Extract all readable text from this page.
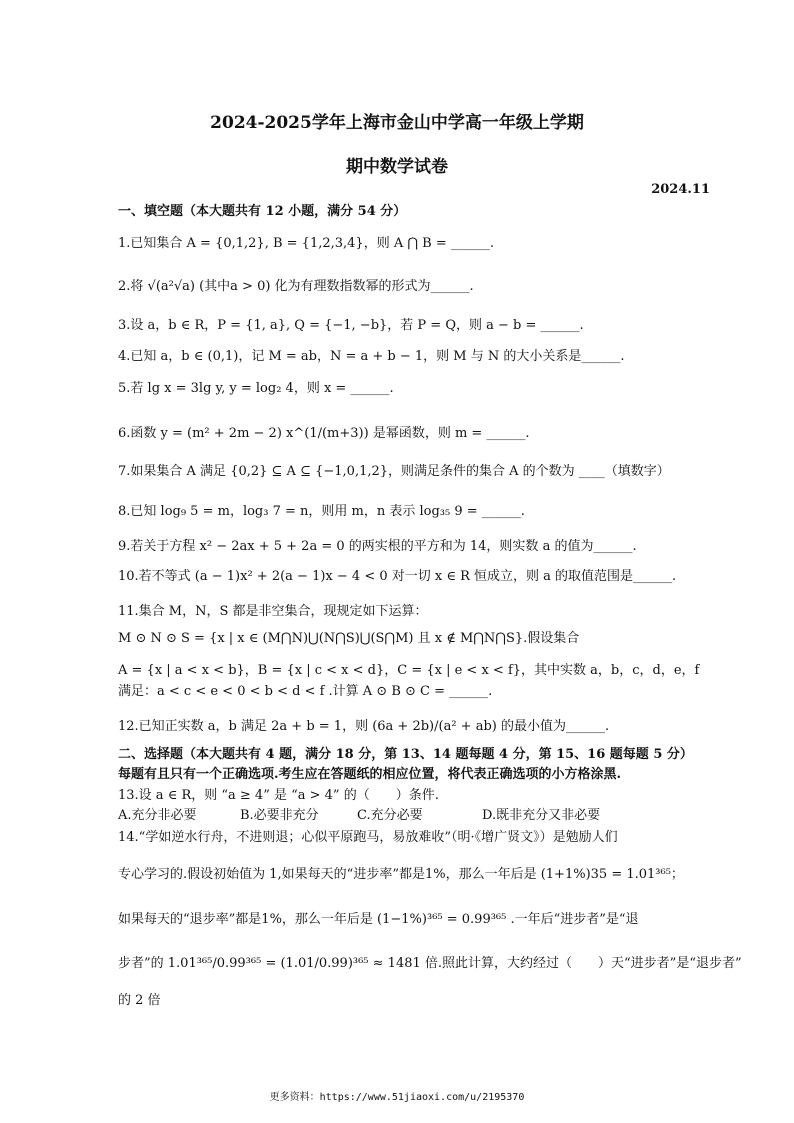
2024-2025学年上海市金山中学高一年级上学期
期中数学试卷
2024.11
一、填空题（本大题共有 12 小题，满分 54 分）
1.已知集合 A = {0,1,2}, B = {1,2,3,4}，则 A ⋂ B = ______.
2.将 √(a²√a) (其中a > 0) 化为有理数指数幂的形式为______.
3.设 a，b ∈ R，P = {1, a}, Q = {−1, −b}，若 P = Q，则 a − b = ______.
4.已知 a，b ∈ (0,1)，记 M = ab，N = a + b − 1，则 M 与 N 的大小关系是______.
5.若 lg x = 3lg y, y = log₂ 4，则 x = ______.
6.函数 y = (m² + 2m − 2) x^(1/(m+3)) 是幂函数，则 m = ______.
7.如果集合 A 满足 {0,2} ⊆ A ⊆ {−1,0,1,2}，则满足条件的集合 A 的个数为 ____（填数字）
8.已知 log₉ 5 = m，log₃ 7 = n，则用 m，n 表示 log₃₅ 9 = ______.
9.若关于方程 x² − 2ax + 5 + 2a = 0 的两实根的平方和为 14，则实数 a 的值为______.
10.若不等式 (a − 1)x² + 2(a − 1)x − 4 < 0 对一切 x ∈ R 恒成立，则 a 的取值范围是______.
11.集合 M，N，S 都是非空集合，现规定如下运算：
M ⊙ N ⊙ S = {x | x ∈ (M⋂N)⋃(N⋂S)⋃(S⋂M) 且 x ∉ M⋂N⋂S}.假设集合
A = {x | a < x < b}，B = {x | c < x < d}，C = {x | e < x < f}，其中实数 a，b，c，d，e，f
满足：a < c < e < 0 < b < d < f .计算 A ⊙ B ⊙ C = ______.
12.已知正实数 a，b 满足 2a + b = 1，则 (6a + 2b)/(a² + ab) 的最小值为______.
二、选择题（本大题共有 4 题，满分 18 分，第 13、14 题每题 4 分，第 15、16 题每题 5 分）
每题有且只有一个正确选项.考生应在答题纸的相应位置，将代表正确选项的小方格涂黑.
13.设 a ∈ R，则 “a ≥ 4” 是 “a > 4” 的（　　）条件.
A.充分非必要	B.必要非充分	C.充分必要	D.既非充分又非必要
14.“学如逆水行舟，不进则退；心似平原跑马，易放难收”（明·《增广贤文》）是勉励人们
专心学习的.假设初始值为 1,如果每天的“进步率”都是1%，那么一年后是 (1+1%)35 = 1.01³⁶⁵；
如果每天的“退步率”都是1%，那么一年后是 (1−1%)³⁶⁵ = 0.99³⁶⁵ .一年后“进步者”是“退
步者”的 1.01³⁶⁵/0.99³⁶⁵ = (1.01/0.99)³⁶⁵ ≈ 1481 倍.照此计算，大约经过（　　）天“进步者”是“退步者”
的 2 倍
更多资料：https://www.51jiaoxi.com/u/2195370
